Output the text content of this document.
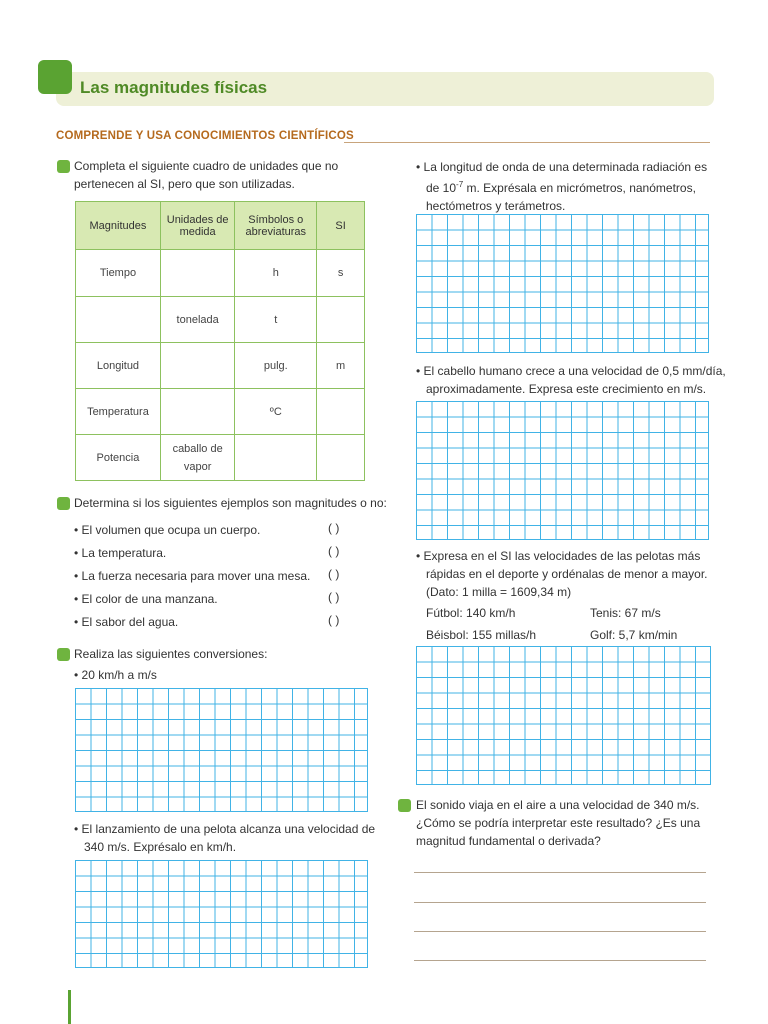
Las magnitudes físicas
COMPRENDE Y USA CONOCIMIENTOS CIENTÍFICOS
Completa el siguiente cuadro de unidades que no
pertenecen al SI, pero que son utilizadas.
Magnitudes	Unidades de medida	Símbolos o abreviaturas	SI
Tiempo		h	s
	tonelada	t	
Longitud		pulg.	m
Temperatura		ºC	
Potencia	caballo de vapor		
Determina si los siguientes ejemplos son magnitudes o no:
• El volumen que ocupa un cuerpo.	( )
• La temperatura.	( )
• La fuerza necesaria para mover una mesa. ( )
• El color de una manzana.	( )
• El sabor del agua.	( )
Realiza las siguientes conversiones:
• 20 km/h a m/s
• El lanzamiento de una pelota alcanza una velocidad de
340 m/s. Exprésalo en km/h.
• La longitud de onda de una determinada radiación es
de $10^{-7}$ m. Exprésala en micrómetros, nanómetros,
hectómetros y terámetros.
• El cabello humano crece a una velocidad de 0,5 mm/día,
aproximadamente. Expresa este crecimiento en m/s.
• Expresa en el SI las velocidades de las pelotas más
rápidas en el deporte y ordénalas de menor a mayor.
(Dato: 1 milla = 1609,34 m)
Fútbol: 140 km/h	Tenis: 67 m/s
Béisbol: 155 millas/h	Golf: 5,7 km/min
El sonido viaja en el aire a una velocidad de 340 m/s.
¿Cómo se podría interpretar este resultado? ¿Es una
magnitud fundamental o derivada?
